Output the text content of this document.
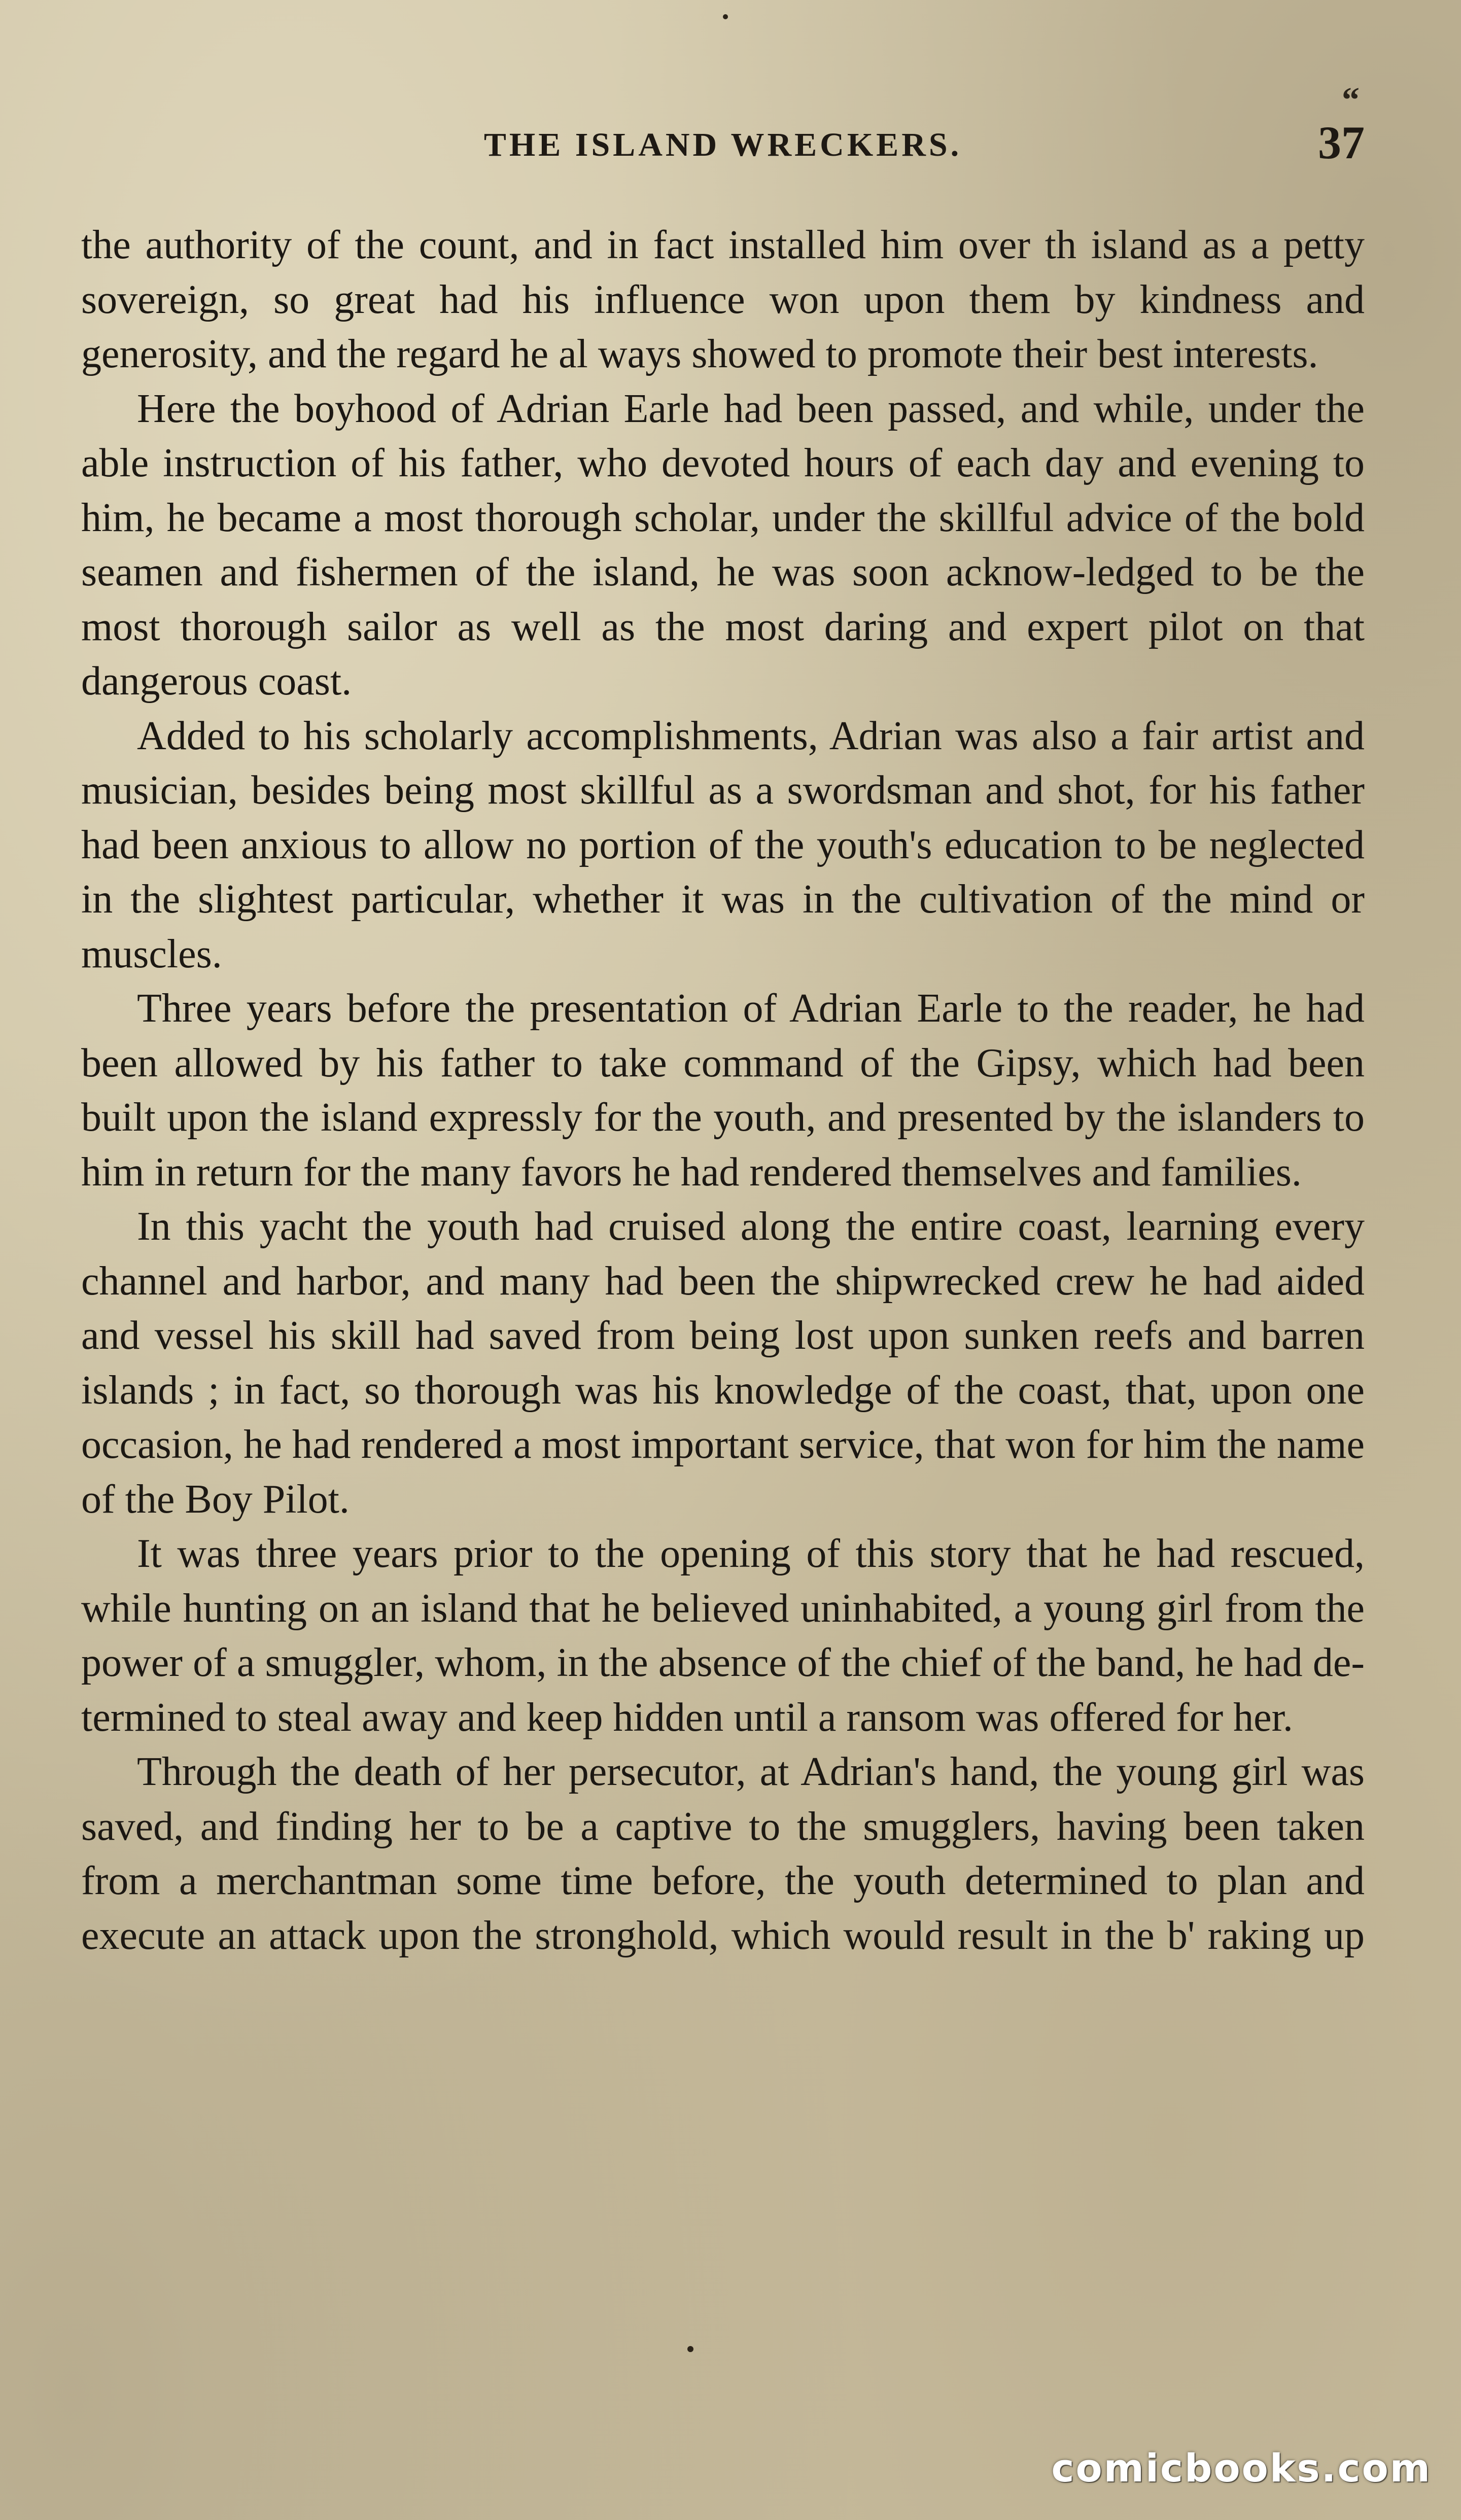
“
THE ISLAND WRECKERS.	37

the authority of the count, and in fact installed him over th island as a petty sovereign, so great had his influence won upon them by kindness and generosity, and the regard he al ways showed to promote their best interests.

Here the boyhood of Adrian Earle had been passed, and while, under the able instruction of his father, who devoted hours of each day and evening to him, he became a most thorough scholar, under the skillful advice of the bold seamen and fishermen of the island, he was soon acknow-ledged to be the most thorough sailor as well as the most daring and expert pilot on that dangerous coast.

Added to his scholarly accomplishments, Adrian was also a fair artist and musician, besides being most skillful as a swordsman and shot, for his father had been anxious to allow no portion of the youth's education to be neglected in the slightest particular, whether it was in the cultivation of the mind or muscles.

Three years before the presentation of Adrian Earle to the reader, he had been allowed by his father to take command of the Gipsy, which had been built upon the island expressly for the youth, and presented by the islanders to him in return for the many favors he had rendered themselves and families.

In this yacht the youth had cruised along the entire coast, learning every channel and harbor, and many had been the shipwrecked crew he had aided and vessel his skill had saved from being lost upon sunken reefs and barren islands ; in fact, so thorough was his knowledge of the coast, that, upon one occasion, he had rendered a most important service, that won for him the name of the Boy Pilot.

It was three years prior to the opening of this story that he had rescued, while hunting on an island that he believed uninhabited, a young girl from the power of a smuggler, whom, in the absence of the chief of the band, he had de-termined to steal away and keep hidden until a ransom was offered for her.

Through the death of her persecutor, at Adrian's hand, the young girl was saved, and finding her to be a captive to the smugglers, having been taken from a merchantman some time before, the youth determined to plan and execute an attack upon the stronghold, which would result in the b' raking up

comicbooks.com
